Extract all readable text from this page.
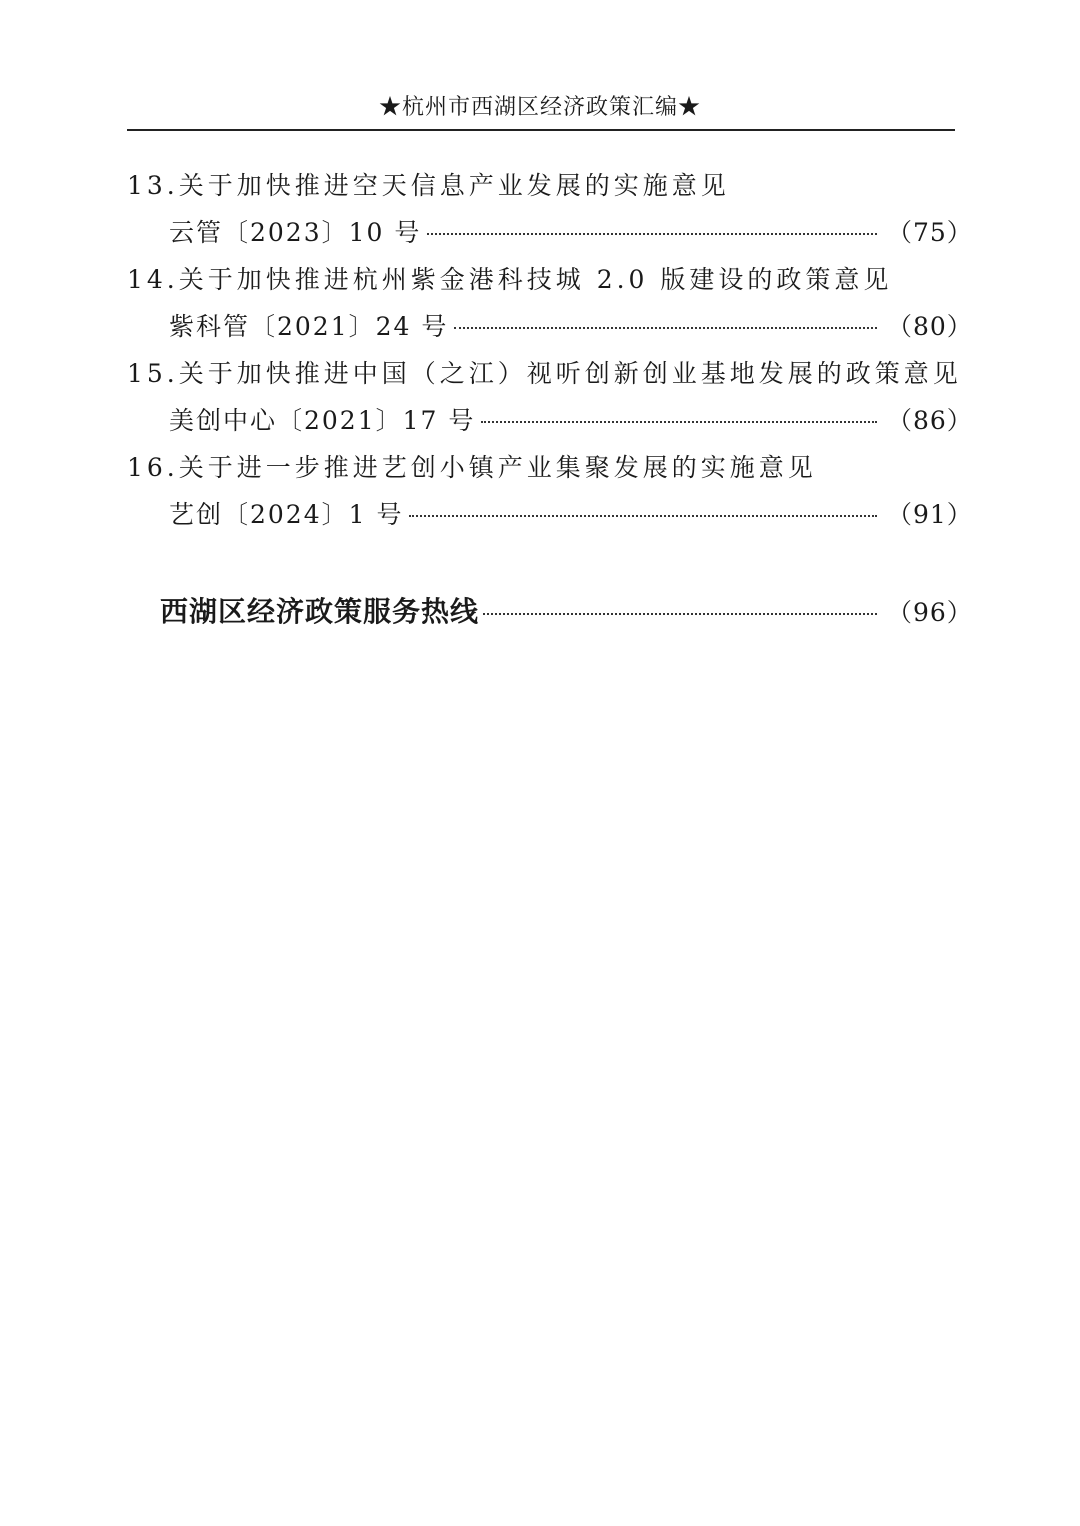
★杭州市西湖区经济政策汇编★
13.关于加快推进空天信息产业发展的实施意见
云管〔2023〕10 号	（75）
14.关于加快推进杭州紫金港科技城 2.0 版建设的政策意见
紫科管〔2021〕24 号	（80）
15.关于加快推进中国（之江）视听创新创业基地发展的政策意见
美创中心〔2021〕17 号	（86）
16.关于进一步推进艺创小镇产业集聚发展的实施意见
艺创〔2024〕1 号	（91）
西湖区经济政策服务热线	（96）
